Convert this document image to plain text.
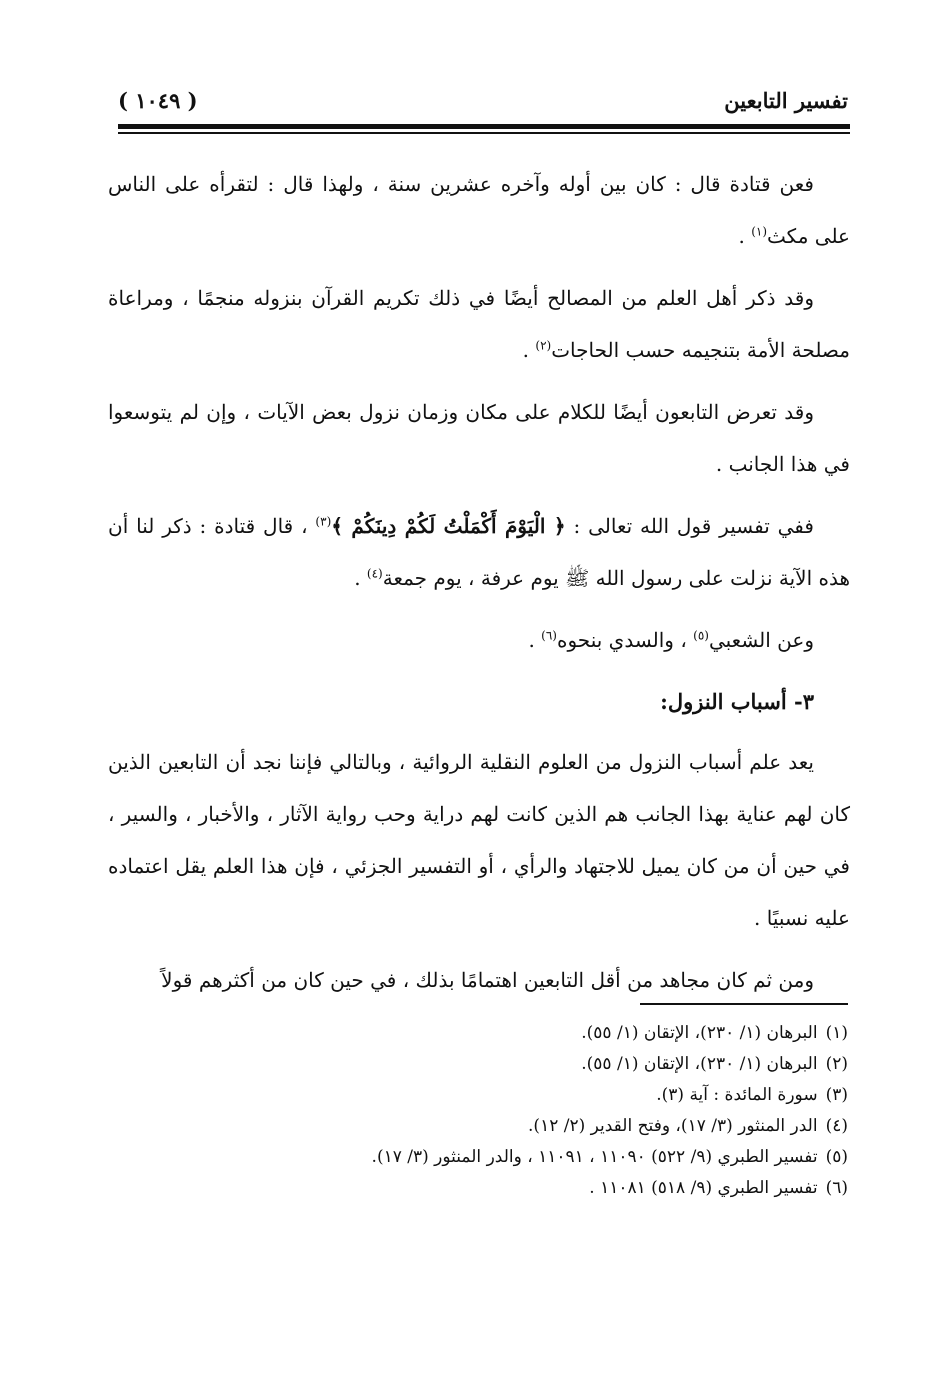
تفسير التابعين
( ١٠٤٩ )

فعن قتادة قال : كان بين أوله وآخره عشرين سنة ، ولهذا قال : لتقرأه على الناس على مكث$^{(١)}$ .

وقد ذكر أهل العلم من المصالح أيضًا في ذلك تكريم القرآن بنزوله منجمًا ، ومراعاة مصلحة الأمة بتنجيمه حسب الحاجات$^{(٢)}$ .

وقد تعرض التابعون أيضًا للكلام على مكان وزمان نزول بعض الآيات ، وإن لم يتوسعوا في هذا الجانب .

ففي تفسير قول الله تعالى : ﴿ الْيَوْمَ أَكْمَلْتُ لَكُمْ دِينَكُمْ ﴾$^{(٣)}$ ، قال قتادة : ذكر لنا أن هذه الآية نزلت على رسول الله ﷺ يوم عرفة ، يوم جمعة$^{(٤)}$ .

وعن الشعبي$^{(٥)}$ ، والسدي بنحوه$^{(٦)}$ .

٣- أسباب النزول:

يعد علم أسباب النزول من العلوم النقلية الروائية ، وبالتالي فإننا نجد أن التابعين الذين كان لهم عناية بهذا الجانب هم الذين كانت لهم دراية وحب رواية الآثار ، والأخبار ، والسير ، في حين أن من كان يميل للاجتهاد والرأي ، أو التفسير الجزئي ، فإن هذا العلم يقل اعتماده عليه نسبيًا .

ومن ثم كان مجاهد من أقل التابعين اهتمامًا بذلك ، في حين كان من أكثرهم قولاً

(١)البرهان (١/ ٢٣٠)، الإتقان (١/ ٥٥).
(٢)البرهان (١/ ٢٣٠)، الإتقان (١/ ٥٥).
(٣)سورة المائدة : آية (٣).
(٤)الدر المنثور (٣/ ١٧)، وفتح القدير (٢/ ١٢).
(٥)تفسير الطبري (٩/ ٥٢٢) ١١٠٩٠ ، ١١٠٩١ ، والدر المنثور (٣/ ١٧).
(٦)تفسير الطبري (٩/ ٥١٨) ١١٠٨١ .
